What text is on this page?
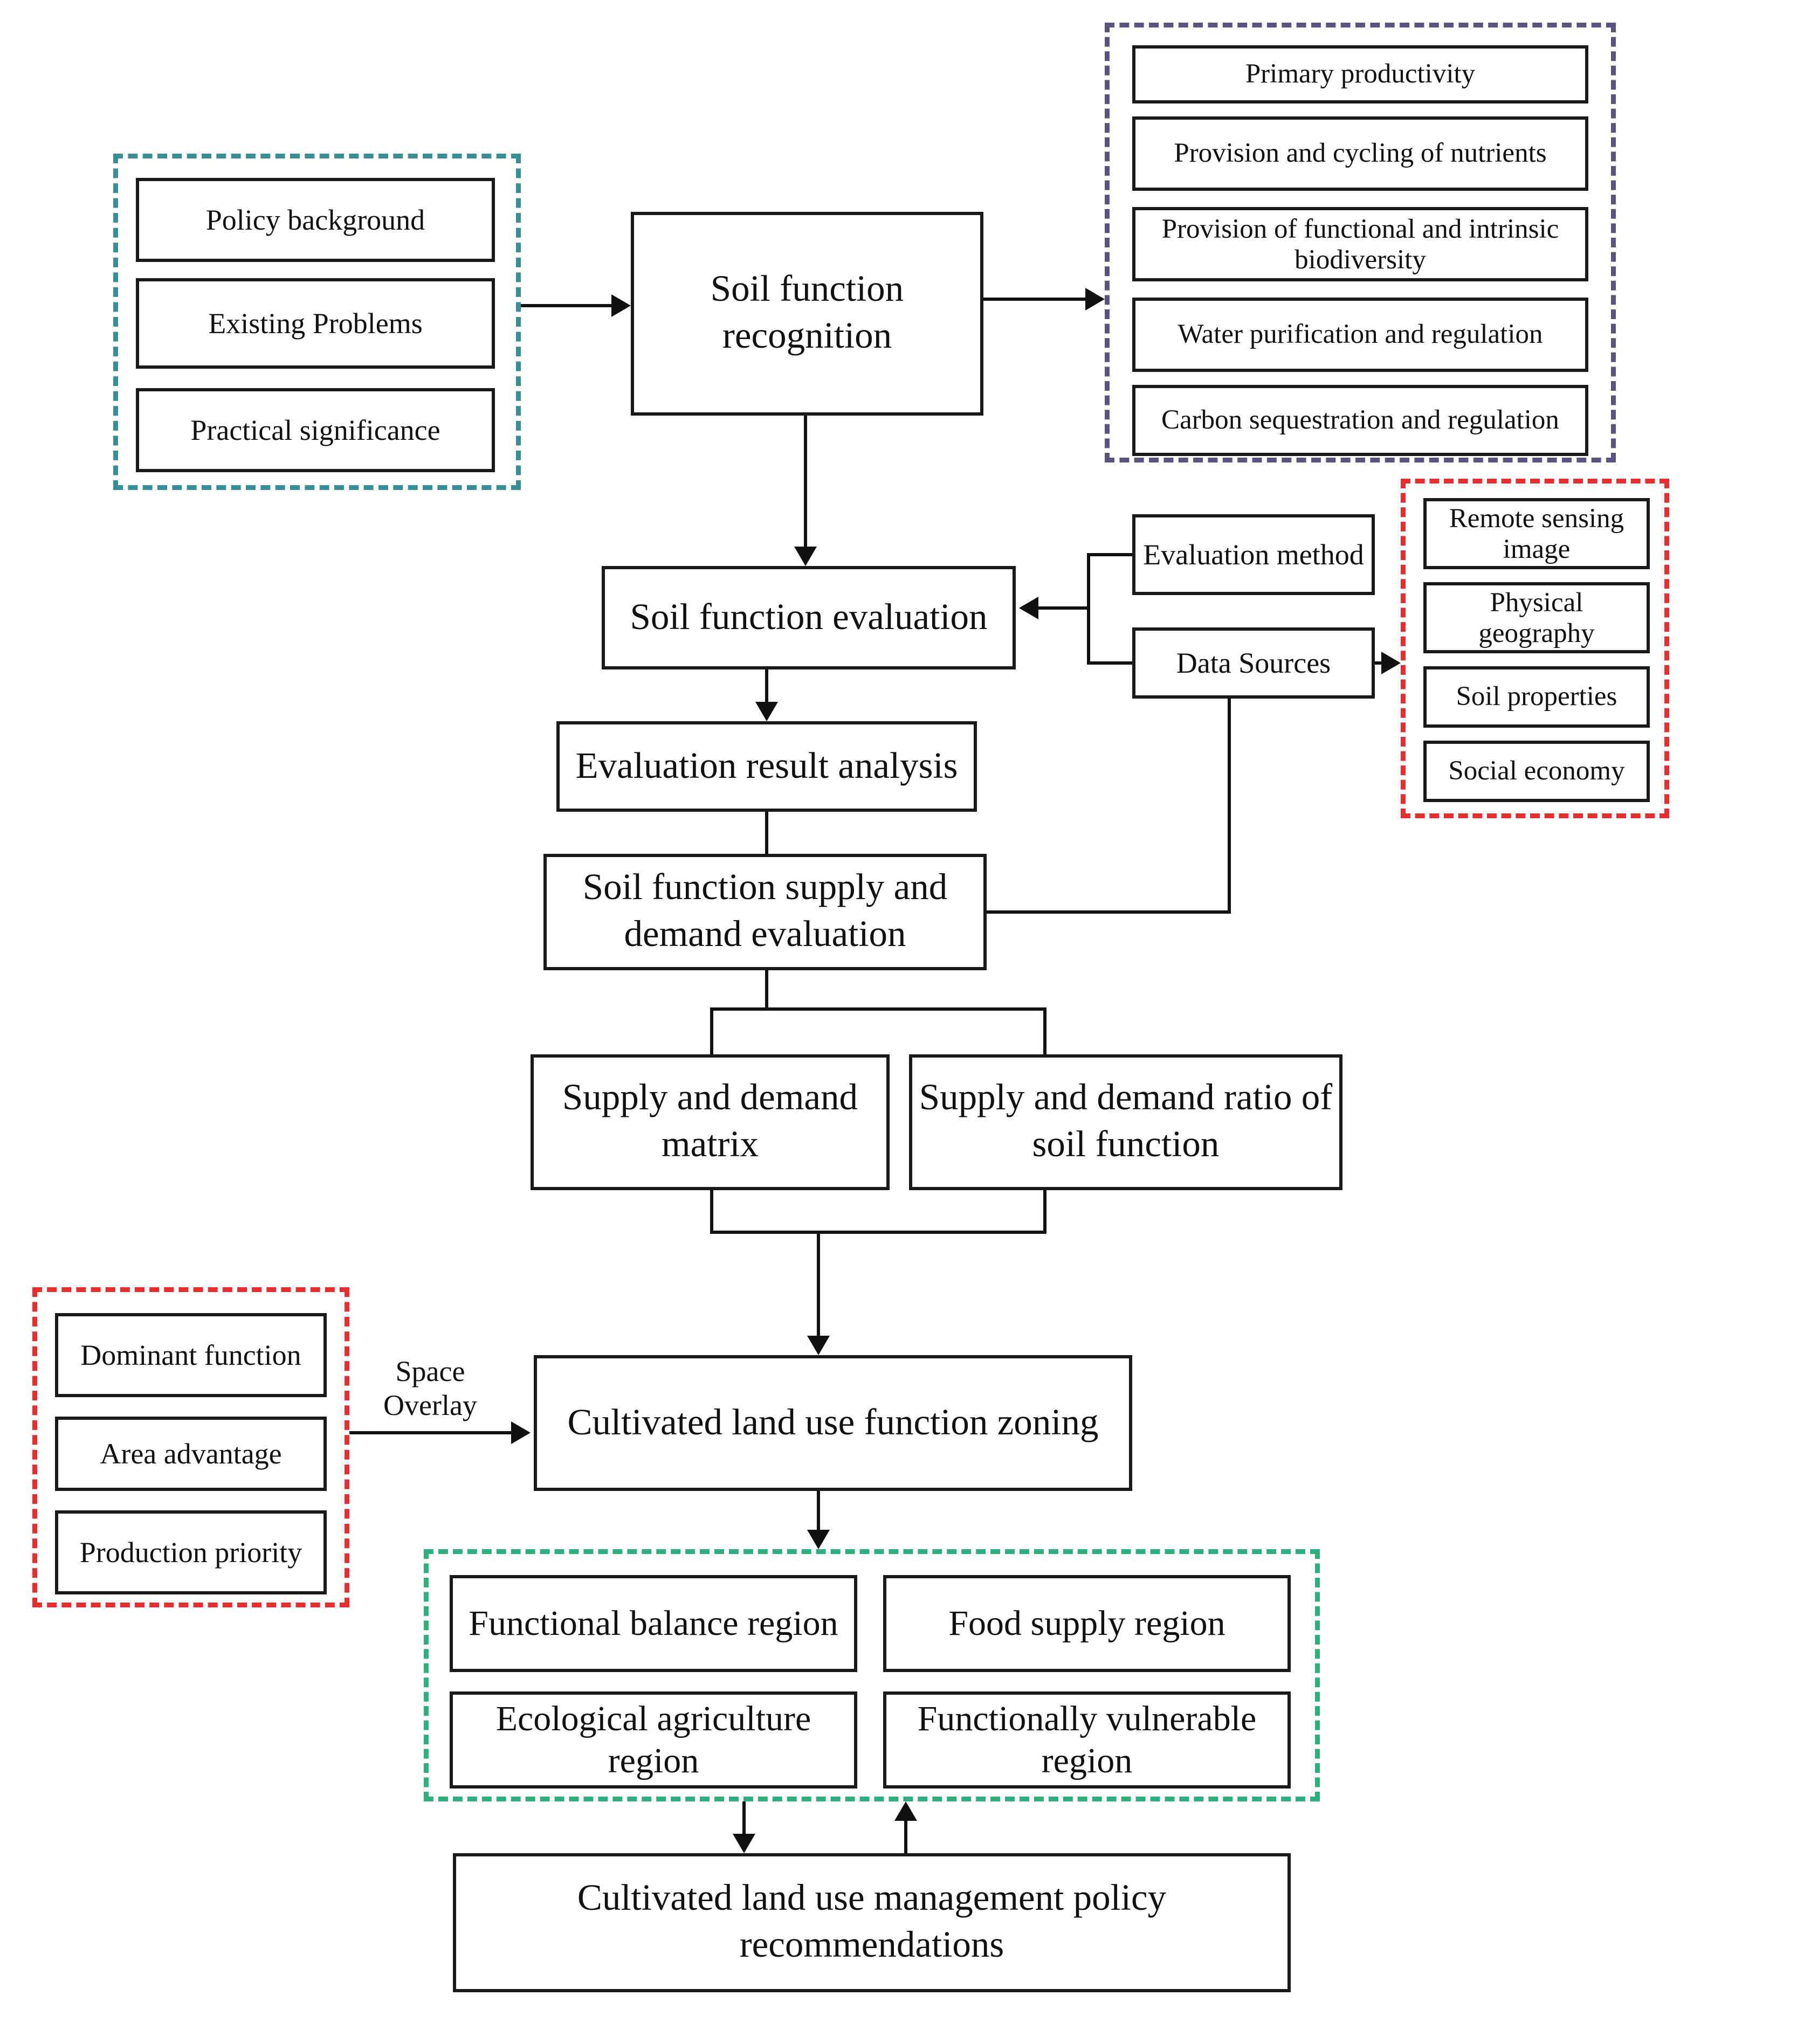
Policy background
Existing Problems
Practical significance
Soil function recognition
Primary productivity
Provision and cycling of nutrients
Provision of functional and intrinsic biodiversity
Water purification and regulation
Carbon sequestration and regulation
Soil function evaluation
Evaluation method
Data Sources
Remote sensing image
Physical geography
Soil properties
Social economy
Evaluation result analysis
Soil function supply and demand evaluation
Supply and demand matrix
Supply and demand ratio of soil function
Dominant function
Area advantage
Production priority
Space Overlay	Cultivated land use function zoning
Functional balance region	Food supply region
Ecological agriculture region
Functionally vulnerable region
Cultivated land use management policy recommendations
